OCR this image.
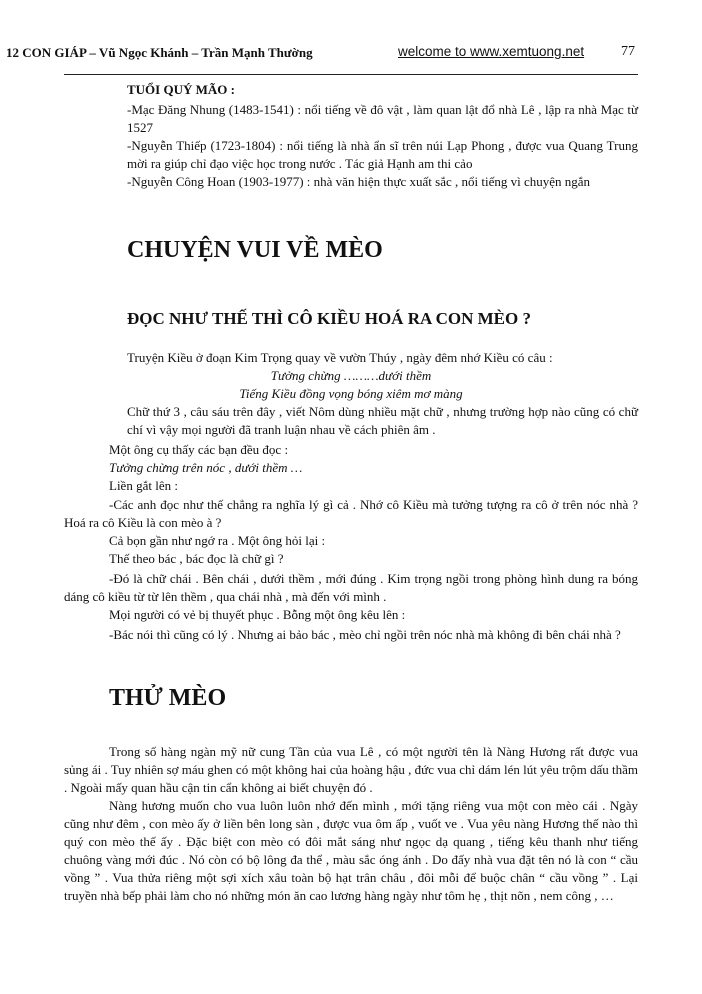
12 CON GIÁP – Vũ Ngọc Khánh – Trần Mạnh Thường	welcome to www.xemtuong.net	77

TUỔI QUÝ MÃO :

-Mạc Đăng Nhung (1483-1541) : nổi tiếng về đô vật , làm quan lật đổ nhà Lê , lập ra nhà Mạc từ 1527

-Nguyễn Thiếp (1723-1804) : nổi tiếng là nhà ẩn sĩ trên núi Lạp Phong , được vua Quang Trung mời ra giúp chỉ đạo việc học trong nước . Tác giả Hạnh am thi cảo

-Nguyễn Công Hoan (1903-1977) : nhà văn hiện thực xuất sắc , nổi tiếng vì chuyện ngắn

CHUYỆN VUI VỀ MÈO
ĐỌC NHƯ THẾ THÌ CÔ KIỀU HOÁ RA CON MÈO ?

Truyện Kiều ở đoạn Kim Trọng quay về vườn Thúy , ngày đêm nhớ Kiều có câu :

Tưởng chừng ………dưới thềm

Tiếng Kiều đồng vọng bóng xiêm mơ màng

Chữ thứ 3 , câu sáu trên đây , viết Nôm dùng nhiều mặt chữ , nhưng trường hợp nào cũng có chữ chí vì vậy mọi người đã tranh luận nhau về cách phiên âm .

Một ông cụ thấy các bạn đều đọc :

Tưởng chừng trên nóc , dưới thềm …

Liền gắt lên :

-Các anh đọc như thế chẳng ra nghĩa lý gì cả . Nhớ cô Kiều mà tưởng tượng ra cô ở trên nóc nhà ? Hoá ra cô Kiều là con mèo à ?

Cả bọn gần như ngớ ra . Một ông hỏi lại :

Thế theo bác , bác đọc là chữ gì ?

-Đó là chữ chái . Bên chái , dưới thềm , mới đúng . Kim trọng ngồi trong phòng hình dung ra bóng dáng cô kiều từ từ lên thềm , qua chái nhà , mà đến với mình .

Mọi người có vẻ bị thuyết phục . Bỗng một ông kêu lên :

-Bác nói thì cũng có lý . Nhưng ai bảo bác , mèo chỉ ngồi trên nóc nhà mà không đi bên chái nhà ?

THỬ MÈO

Trong số hàng ngàn mỹ nữ cung Tần của vua Lê , có một người tên là Nàng Hương rất được vua sủng ái . Tuy nhiên sợ máu ghen có một không hai của hoàng hậu , đức vua chỉ dám lén lút yêu trộm dấu thầm . Ngoài mấy quan hầu cận tin cẩn không ai biết chuyện đó .

Nàng hương muốn cho vua luôn luôn nhớ đến mình , mới tặng riêng vua một con mèo cái . Ngày cũng như đêm , con mèo ấy ở liền bên long sàn , được vua ôm ấp , vuốt ve . Vua yêu nàng Hương thế nào thì quý con mèo thế ấy . Đặc biệt con mèo có đôi mắt sáng như ngọc dạ quang , tiếng kêu thanh như tiếng chuông vàng mới đúc . Nó còn có bộ lông đa thể , màu sắc óng ánh . Do đấy nhà vua đặt tên nó là con “ cầu vồng ” . Vua thửa riêng một sợi xích xâu toàn bộ hạt trân châu , đôi mỗi để buộc chân “ cầu vồng ” . Lại truyền nhà bếp phải làm cho nó những món ăn cao lương hàng ngày như tôm hẹ , thịt nõn , nem công , …
